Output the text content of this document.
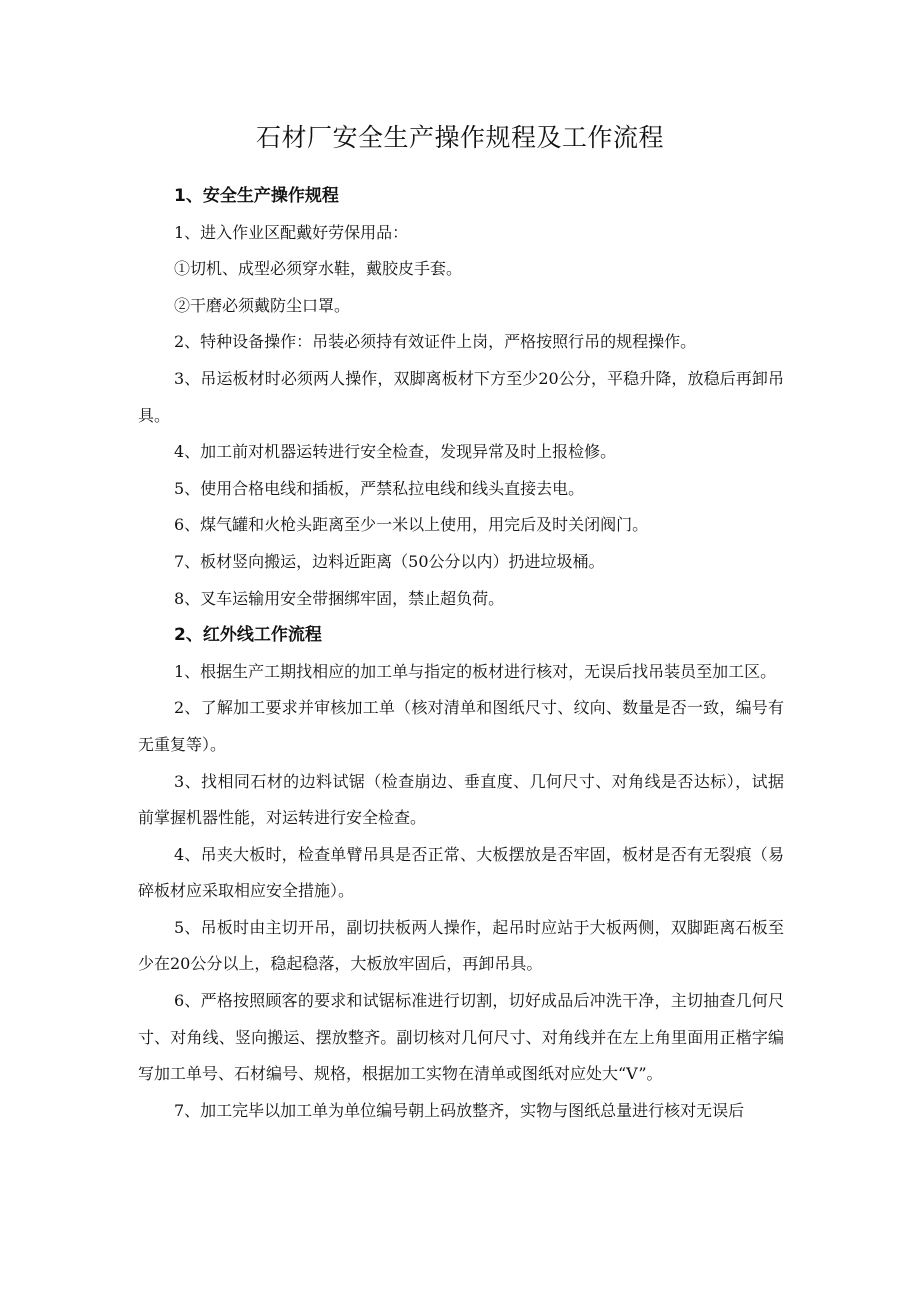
石材厂安全生产操作规程及工作流程

1、安全生产操作规程

1、进入作业区配戴好劳保用品：

①切机、成型必须穿水鞋，戴胶皮手套。

②干磨必须戴防尘口罩。

2、特种设备操作：吊装必须持有效证件上岗，严格按照行吊的规程操作。

3、吊运板材时必须两人操作，双脚离板材下方至少20公分，平稳升降，放稳后再卸吊具。

4、加工前对机器运转进行安全检查，发现异常及时上报检修。

5、使用合格电线和插板，严禁私拉电线和线头直接去电。

6、煤气罐和火枪头距离至少一米以上使用，用完后及时关闭阀门。

7、板材竖向搬运，边料近距离（50公分以内）扔进垃圾桶。

8、叉车运输用安全带捆绑牢固，禁止超负荷。

2、红外线工作流程

1、根据生产工期找相应的加工单与指定的板材进行核对，无误后找吊装员至加工区。

2、了解加工要求并审核加工单（核对清单和图纸尺寸、纹向、数量是否一致，编号有无重复等）。

3、找相同石材的边料试锯（检查崩边、垂直度、几何尺寸、对角线是否达标），试据前掌握机器性能，对运转进行安全检查。

4、吊夹大板时，检查单臂吊具是否正常、大板摆放是否牢固，板材是否有无裂痕（易碎板材应采取相应安全措施）。

5、吊板时由主切开吊，副切扶板两人操作，起吊时应站于大板两侧，双脚距离石板至少在20公分以上，稳起稳落，大板放牢固后，再卸吊具。

6、严格按照顾客的要求和试锯标准进行切割，切好成品后冲洗干净，主切抽查几何尺寸、对角线、竖向搬运、摆放整齐。副切核对几何尺寸、对角线并在左上角里面用正楷字编写加工单号、石材编号、规格，根据加工实物在清单或图纸对应处大“V”。

7、加工完毕以加工单为单位编号朝上码放整齐，实物与图纸总量进行核对无误后
